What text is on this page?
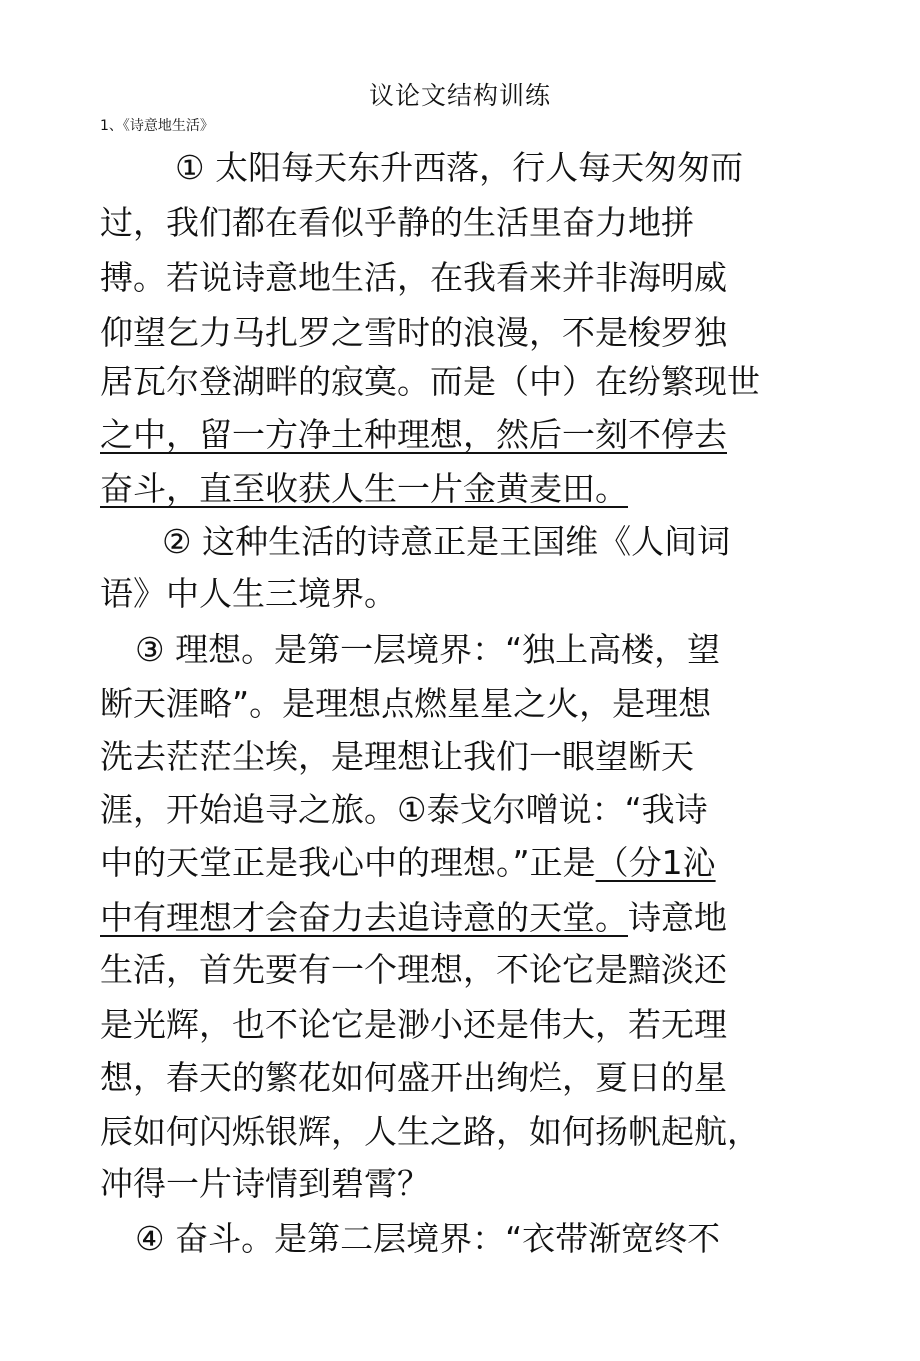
议论文结构训练
1、《诗意地生活》
① 太阳每天东升西落，行人每天匆匆而
过，我们都在看似乎静的生活里奋力地拼
搏。若说诗意地生活，在我看来并非海明威
仰望乞力马扎罗之雪时的浪漫，不是梭罗独
居瓦尔登湖畔的寂寞。而是（中）在纷繁现世
之中，留一方净土种理想，然后一刻不停去
奋斗，直至收获人生一片金黄麦田。
② 这种生活的诗意正是王国维《人间词
语》中人生三境界。
③ 理想。是第一层境界：“独上高楼，望
断天涯略”。是理想点燃星星之火，是理想
洗去茫茫尘埃，是理想让我们一眼望断天
涯，开始追寻之旅。①泰戈尔噌说：“我诗
中的天堂正是我心中的理想。”正是（分1沁
中有理想才会奋力去追诗意的天堂。诗意地
生活，首先要有一个理想，不论它是黯淡还
是光辉，也不论它是渺小还是伟大，若无理
想，春天的繁花如何盛开出绚烂，夏日的星
辰如何闪烁银辉，人生之路，如何扬帆起航，
冲得一片诗情到碧霄？
④ 奋斗。是第二层境界：“衣带渐宽终不
